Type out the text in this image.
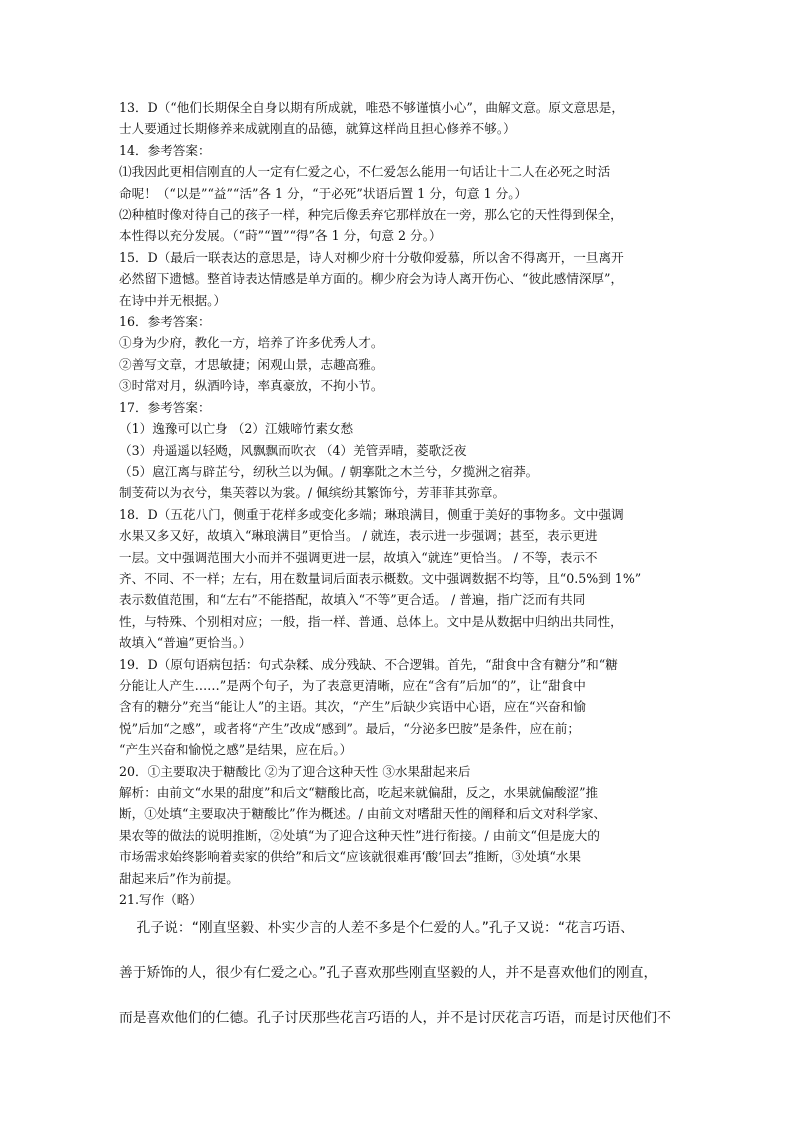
13．D（“他们长期保全自身以期有所成就，唯恐不够谨慎小心”，曲解文意。原文意思是，

士人要通过长期修养来成就刚直的品德，就算这样尚且担心修养不够。）

14．参考答案：

⑴我因此更相信刚直的人一定有仁爱之心，不仁爱怎么能用一句话让十二人在必死之时活

命呢！（“以是”“益”“活”各 1 分，“于必死”状语后置 1 分，句意 1 分。）

⑵种植时像对待自己的孩子一样，种完后像丢弃它那样放在一旁，那么它的天性得到保全，

本性得以充分发展。（“莳”“置”“得”各 1 分，句意 2 分。）

15．D（最后一联表达的意思是，诗人对柳少府十分敬仰爱慕，所以舍不得离开，一旦离开

必然留下遗憾。整首诗表达情感是单方面的。柳少府会为诗人离开伤心、“彼此感情深厚”，

在诗中并无根据。）

16．参考答案：

①身为少府，教化一方，培养了许多优秀人才。

②善写文章，才思敏捷；闲观山景，志趣高雅。

③时常对月，纵酒吟诗，率真豪放，不拘小节。

17．参考答案：

（1）逸豫可以亡身 （2）江娥啼竹素女愁

（3）舟遥遥以轻飏，风飘飘而吹衣 （4）羌管弄晴，菱歌泛夜

（5）扈江离与辟芷兮，纫秋兰以为佩。/ 朝搴阰之木兰兮，夕揽洲之宿莽。

制芰荷以为衣兮，集芙蓉以为裳。/ 佩缤纷其繁饰兮，芳菲菲其弥章。

18．D（五花八门，侧重于花样多或变化多端；琳琅满目，侧重于美好的事物多。文中强调

水果又多又好，故填入“琳琅满目”更恰当。 / 就连，表示进一步强调；甚至，表示更进

一层。文中强调范围大小而并不强调更进一层，故填入“就连”更恰当。 / 不等，表示不

齐、不同、不一样；左右，用在数量词后面表示概数。文中强调数据不均等，且“0.5%到 1%”

表示数值范围，和“左右”不能搭配，故填入“不等”更合适。 / 普遍，指广泛而有共同

性，与特殊、个别相对应；一般，指一样、普通、总体上。文中是从数据中归纳出共同性，

故填入“普遍”更恰当。）

19．D（原句语病包括：句式杂糅、成分残缺、不合逻辑。首先，“甜食中含有糖分”和“糖

分能让人产生……”是两个句子，为了表意更清晰，应在“含有”后加“的”，让“甜食中

含有的糖分”充当“能让人”的主语。其次，“产生”后缺少宾语中心语，应在“兴奋和愉

悦”后加“之感”，或者将“产生”改成“感到”。最后，“分泌多巴胺”是条件，应在前；

“产生兴奋和愉悦之感”是结果，应在后。）

20．①主要取决于糖酸比 ②为了迎合这种天性 ③水果甜起来后

解析：由前文“水果的甜度”和后文“糖酸比高，吃起来就偏甜，反之，水果就偏酸涩”推

断，①处填“主要取决于糖酸比”作为概述。/ 由前文对嗜甜天性的阐释和后文对科学家、

果农等的做法的说明推断，②处填“为了迎合这种天性”进行衔接。/ 由前文“但是庞大的

市场需求始终影响着卖家的供给”和后文“应该就很难再‘酸’回去”推断，③处填“水果

甜起来后”作为前提。

21.写作（略）

孔子说：“刚直坚毅、朴实少言的人差不多是个仁爱的人。”孔子又说：“花言巧语、

善于矫饰的人，很少有仁爱之心。”孔子喜欢那些刚直坚毅的人，并不是喜欢他们的刚直，

而是喜欢他们的仁德。孔子讨厌那些花言巧语的人，并不是讨厌花言巧语，而是讨厌他们不
